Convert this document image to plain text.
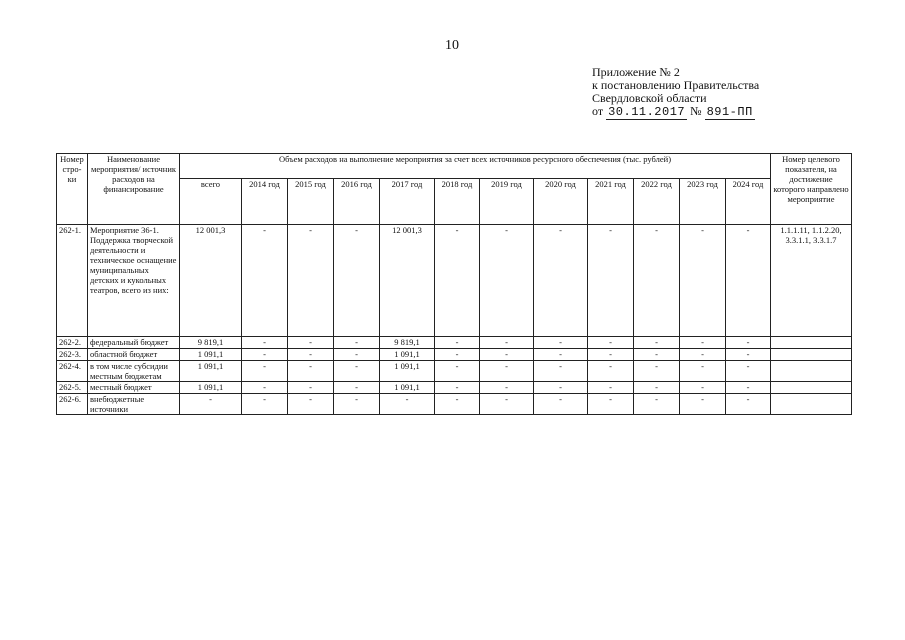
10
Приложение № 2
к постановлению Правительства
Свердловской области
от 30.11.2017 № 891-ПП
Номер стро-ки	Наименование мероприятия/ источник расходов на финансирование	Объем расходов на выполнение мероприятия за счет всех источников ресурсного обеспечения (тыс. рублей)												Номер целевого показателя, на достижение которого направлено мероприятие
		всего	2014 год	2015 год	2016 год	2017 год	2018 год	2019 год	2020 год	2021 год	2022 год	2023 год	2024 год	
262-1.	Мероприятие 36-1. Поддержка творческой деятельности и техническое оснащение муниципальных детских и кукольных театров, всего из них:	12 001,3	-	-	-	12 001,3	-	-	-	-	-	-	-	1.1.1.11, 1.1.2.20, 3.3.1.1, 3.3.1.7
262-2.	федеральный бюджет	9 819,1	-	-	-	9 819,1	-	-	-	-	-	-	-	
262-3.	областной бюджет	1 091,1	-	-	-	1 091,1	-	-	-	-	-	-	-	
262-4.	в том числе субсидии местным бюджетам	1 091,1	-	-	-	1 091,1	-	-	-	-	-	-	-	
262-5.	местный бюджет	1 091,1	-	-	-	1 091,1	-	-	-	-	-	-	-	
262-6.	внебюджетные источники	-	-	-	-	-	-	-	-	-	-	-	-	
